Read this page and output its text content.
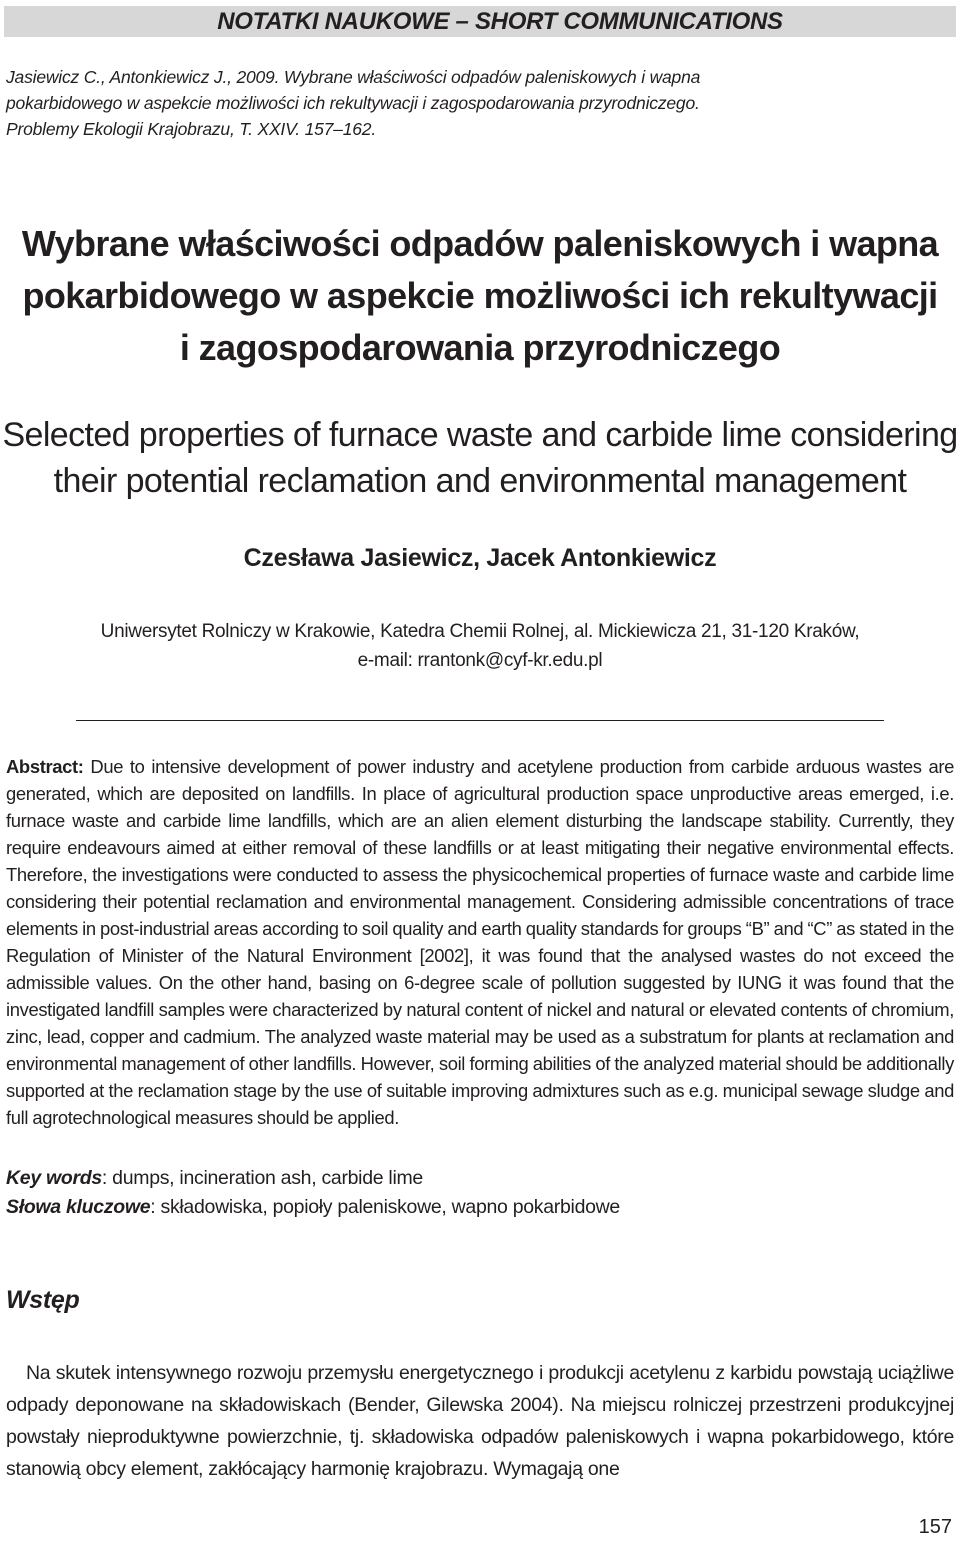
NOTATKI NAUKOWE – SHORT COMMUNICATIONS
Jasiewicz C., Antonkiewicz J., 2009. Wybrane właściwości odpadów paleniskowych i wapna
pokarbidowego w aspekcie możliwości ich rekultywacji i zagospodarowania przyrodniczego.
Problemy Ekologii Krajobrazu, T. XXIV. 157–162.
Wybrane właściwości odpadów paleniskowych i wapna
pokarbidowego w aspekcie możliwości ich rekultywacji
i zagospodarowania przyrodniczego
Selected properties of furnace waste and carbide lime considering
their potential reclamation and environmental management
Czesława Jasiewicz, Jacek Antonkiewicz
Uniwersytet Rolniczy w Krakowie, Katedra Chemii Rolnej, al. Mickiewicza 21, 31-120 Kraków,
e-mail: rrantonk@cyf-kr.edu.pl
Abstract: Due to intensive development of power industry and acetylene production from carbide arduous wastes are generated, which are deposited on landfills. In place of agricultural production space unproductive areas emerged, i.e. furnace waste and carbide lime landfills, which are an alien element disturbing the landscape stability. Currently, they require endeavours aimed at either removal of these landfills or at least mitigating their negative environmental effects. Therefore, the investigations were conducted to assess the physicochemical properties of furnace waste and carbide lime considering their potential reclamation and environmental management. Considering admissible concentrations of trace elements in post-industrial areas according to soil quality and earth quality standards for groups “B” and “C” as stated in the Regulation of Minister of the Natural Environment [2002], it was found that the analysed wastes do not exceed the admissible values. On the other hand, basing on 6-degree scale of pollution suggested by IUNG it was found that the investigated landfill samples were characterized by natural content of nickel and natural or elevated contents of chromium, zinc, lead, copper and cadmium. The analyzed waste material may be used as a substratum for plants at reclamation and environmental management of other landfills. However, soil forming abilities of the analyzed material should be additionally supported at the reclamation stage by the use of suitable improving admixtures such as e.g. municipal sewage sludge and full agrotechnological measures should be applied.
Key words: dumps, incineration ash, carbide lime
Słowa kluczowe: składowiska, popioły paleniskowe, wapno pokarbidowe
Wstęp
Na skutek intensywnego rozwoju przemysłu energetycznego i produkcji acetylenu z karbidu powstają uciążliwe odpady deponowane na składowiskach (Bender, Gilewska 2004). Na miejscu rolniczej przestrzeni produkcyjnej powstały nieproduktywne powierzchnie, tj. składowiska odpadów paleniskowych i wapna pokarbidowego, które stanowią obcy element, zakłócający harmonię krajobrazu. Wymagają one
157
